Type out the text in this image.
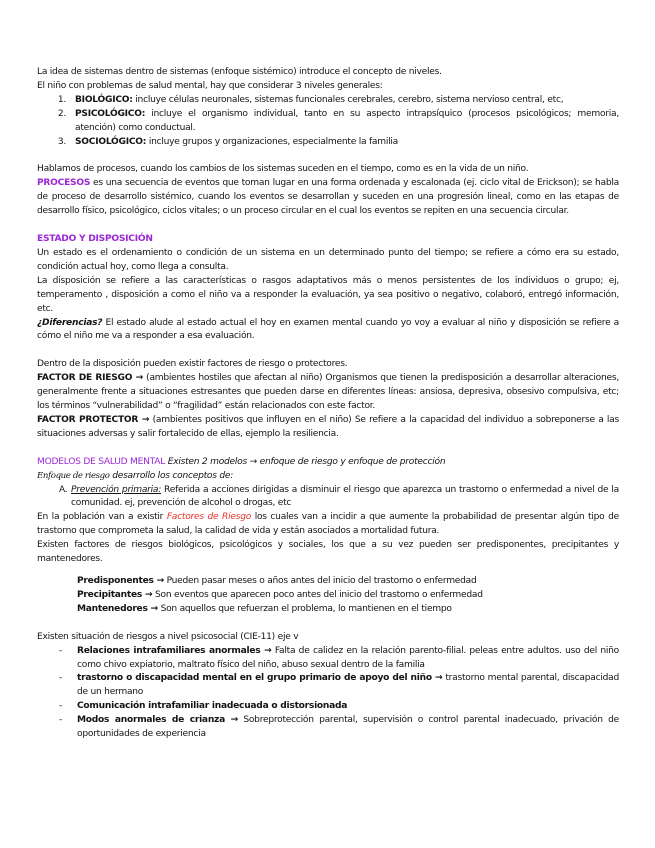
La idea de sistemas dentro de sistemas (enfoque sistémico) introduce el concepto de niveles.

El niño con problemas de salud mental, hay que considerar 3 niveles generales:

1. BIOLÓGICO: incluye células neuronales, sistemas funcionales cerebrales, cerebro, sistema nervioso central, etc,
2. PSICOLÓGICO: incluye el organismo individual, tanto en su aspecto intrapsíquico (procesos psicológicos; memoria, atención) como conductual.
3. SOCIOLÓGICO: incluye grupos y organizaciones, especialmente la familia

Hablamos de procesos, cuando los cambios de los sistemas suceden en el tiempo, como es en la vida de un niño.

PROCESOS es una secuencia de eventos que toman lugar en una forma ordenada y escalonada (ej. ciclo vital de Erickson); se habla de proceso de desarrollo sistémico, cuando los eventos se desarrollan y suceden en una progresión lineal, como en las etapas de desarrollo físico, psicológico, ciclos vitales; o un proceso circular en el cual los eventos se repiten en una secuencia circular.

ESTADO Y DISPOSICIÓN

Un estado es el ordenamiento o condición de un sistema en un determinado punto del tiempo; se refiere a cómo era su estado, condición actual hoy, como llega a consulta.

La disposición se refiere a las características o rasgos adaptativos más o menos persistentes de los individuos o grupo; ej, temperamento , disposición a como el niño va a responder la evaluación, ya sea positivo o negativo, colaboró, entregó información, etc.

¿Diferencias? El estado alude al estado actual el hoy en examen mental cuando yo voy a evaluar al niño y disposición se refiere a cómo el niño me va a responder a esa evaluación.

Dentro de la disposición pueden existir factores de riesgo o protectores.

FACTOR DE RIESGO → (ambientes hostiles que afectan al niño) Organismos que tienen la predisposición a desarrollar alteraciones, generalmente frente a situaciones estresantes que pueden darse en diferentes líneas: ansiosa, depresiva, obsesivo compulsiva, etc; los términos “vulnerabilidad” o “fragilidad” están relacionados con este factor.

FACTOR PROTECTOR → (ambientes positivos que influyen en el niño) Se refiere a la capacidad del individuo a sobreponerse a las situaciones adversas y salir fortalecido de ellas, ejemplo la resiliencia.

MODELOS DE SALUD MENTAL Existen 2 modelos → enfoque de riesgo y enfoque de protección

Enfoque de riesgo desarrollo los conceptos de:

A. Prevención primaria: Referida a acciones dirigidas a disminuir el riesgo que aparezca un trastorno o enfermedad a nivel de la comunidad. ej, prevención de alcohol o drogas, etc

En la población van a existir Factores de Riesgo los cuales van a incidir a que aumente la probabilidad de presentar algún tipo de trastorno que comprometa la salud, la calidad de vida y están asociados a mortalidad futura.

Existen factores de riesgos biológicos, psicológicos y sociales, los que a su vez pueden ser predisponentes, precipitantes y mantenedores.

Predisponentes → Pueden pasar meses o años antes del inicio del trastorno o enfermedad

Precipitantes → Son eventos que aparecen poco antes del inicio del trastorno o enfermedad

Mantenedores → Son aquellos que refuerzan el problema, lo mantienen en el tiempo

Existen situación de riesgos a nivel psicosocial (CIE-11) eje v

-	Relaciones intrafamiliares anormales → Falta de calidez en la relación parento-filial. peleas entre adultos. uso del niño como chivo expiatorio, maltrato físico del niño, abuso sexual dentro de la familia
-	trastorno o discapacidad mental en el grupo primario de apoyo del niño → trastorno mental parental, discapacidad de un hermano
-	Comunicación intrafamiliar inadecuada o distorsionada
-	Modos anormales de crianza → Sobreprotección parental, supervisión o control parental inadecuado, privación de oportunidades de experiencia
